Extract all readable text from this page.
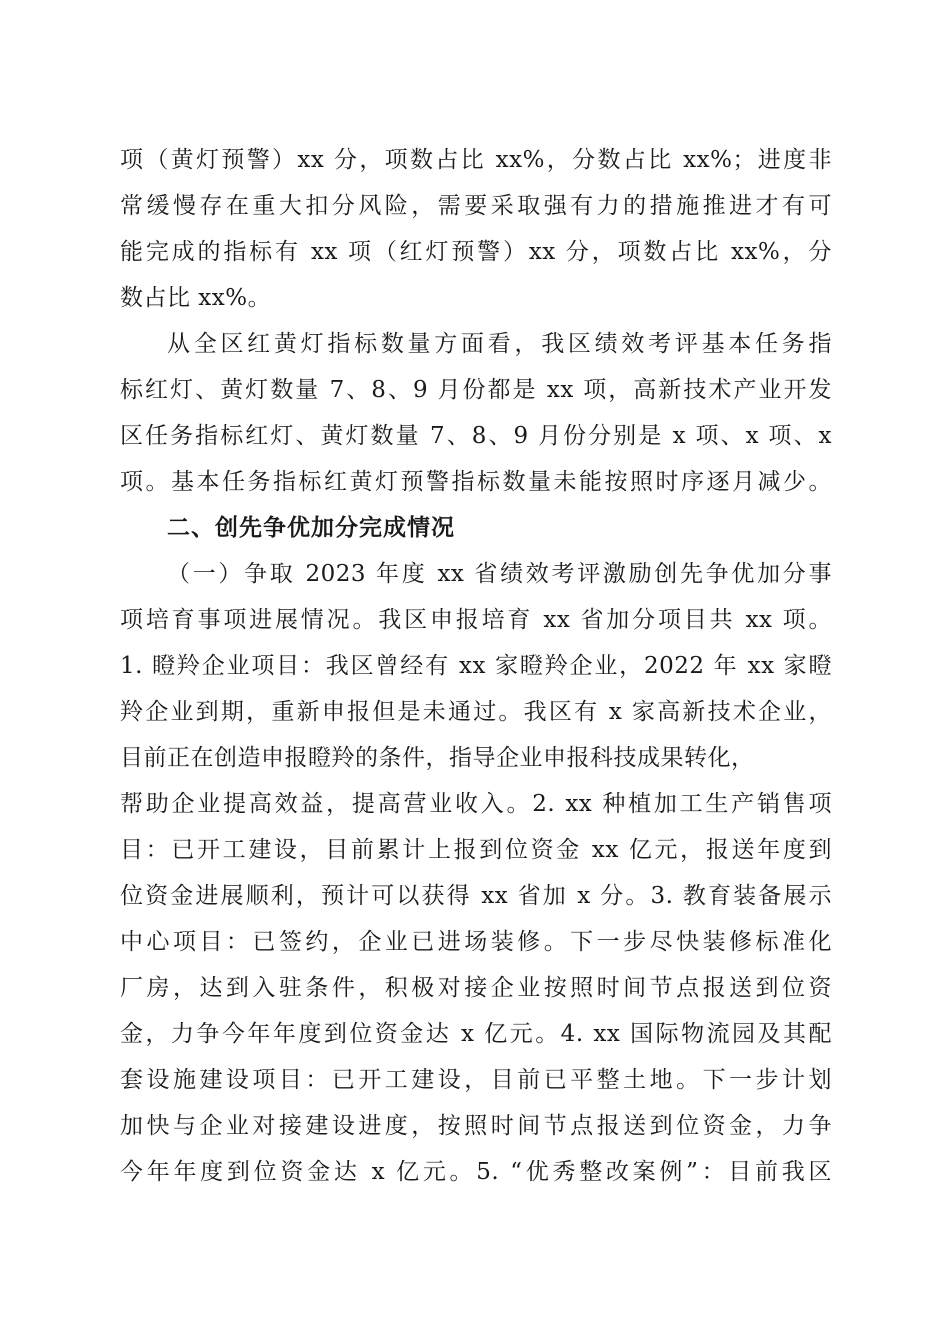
项（黄灯预警）xx 分，项数占比 xx%，分数占比 xx%；进度非
常缓慢存在重大扣分风险，需要采取强有力的措施推进才有可
能完成的指标有 xx 项（红灯预警）xx 分，项数占比 xx%，分
数占比 xx%。
从全区红黄灯指标数量方面看，我区绩效考评基本任务指
标红灯、黄灯数量 7、8、9 月份都是 xx 项，高新技术产业开发
区任务指标红灯、黄灯数量 7、8、9 月份分别是 x 项、x 项、x
项。基本任务指标红黄灯预警指标数量未能按照时序逐月减少。
二、创先争优加分完成情况
（一）争取 2023 年度 xx 省绩效考评激励创先争优加分事
项培育事项进展情况。我区申报培育 xx 省加分项目共 xx 项。
1. 瞪羚企业项目：我区曾经有 xx 家瞪羚企业，2022 年 xx 家瞪
羚企业到期，重新申报但是未通过。我区有 x 家高新技术企业，
目前正在创造申报瞪羚的条件，指导企业申报科技成果转化，
帮助企业提高效益，提高营业收入。2. xx 种植加工生产销售项
目：已开工建设，目前累计上报到位资金 xx 亿元，报送年度到
位资金进展顺利，预计可以获得 xx 省加 x 分。3. 教育装备展示
中心项目：已签约，企业已进场装修。下一步尽快装修标准化
厂房，达到入驻条件，积极对接企业按照时间节点报送到位资
金，力争今年年度到位资金达 x 亿元。4. xx 国际物流园及其配
套设施建设项目：已开工建设，目前已平整土地。下一步计划
加快与企业对接建设进度，按照时间节点报送到位资金，力争
今年年度到位资金达 x 亿元。5. “优秀整改案例”：目前我区
